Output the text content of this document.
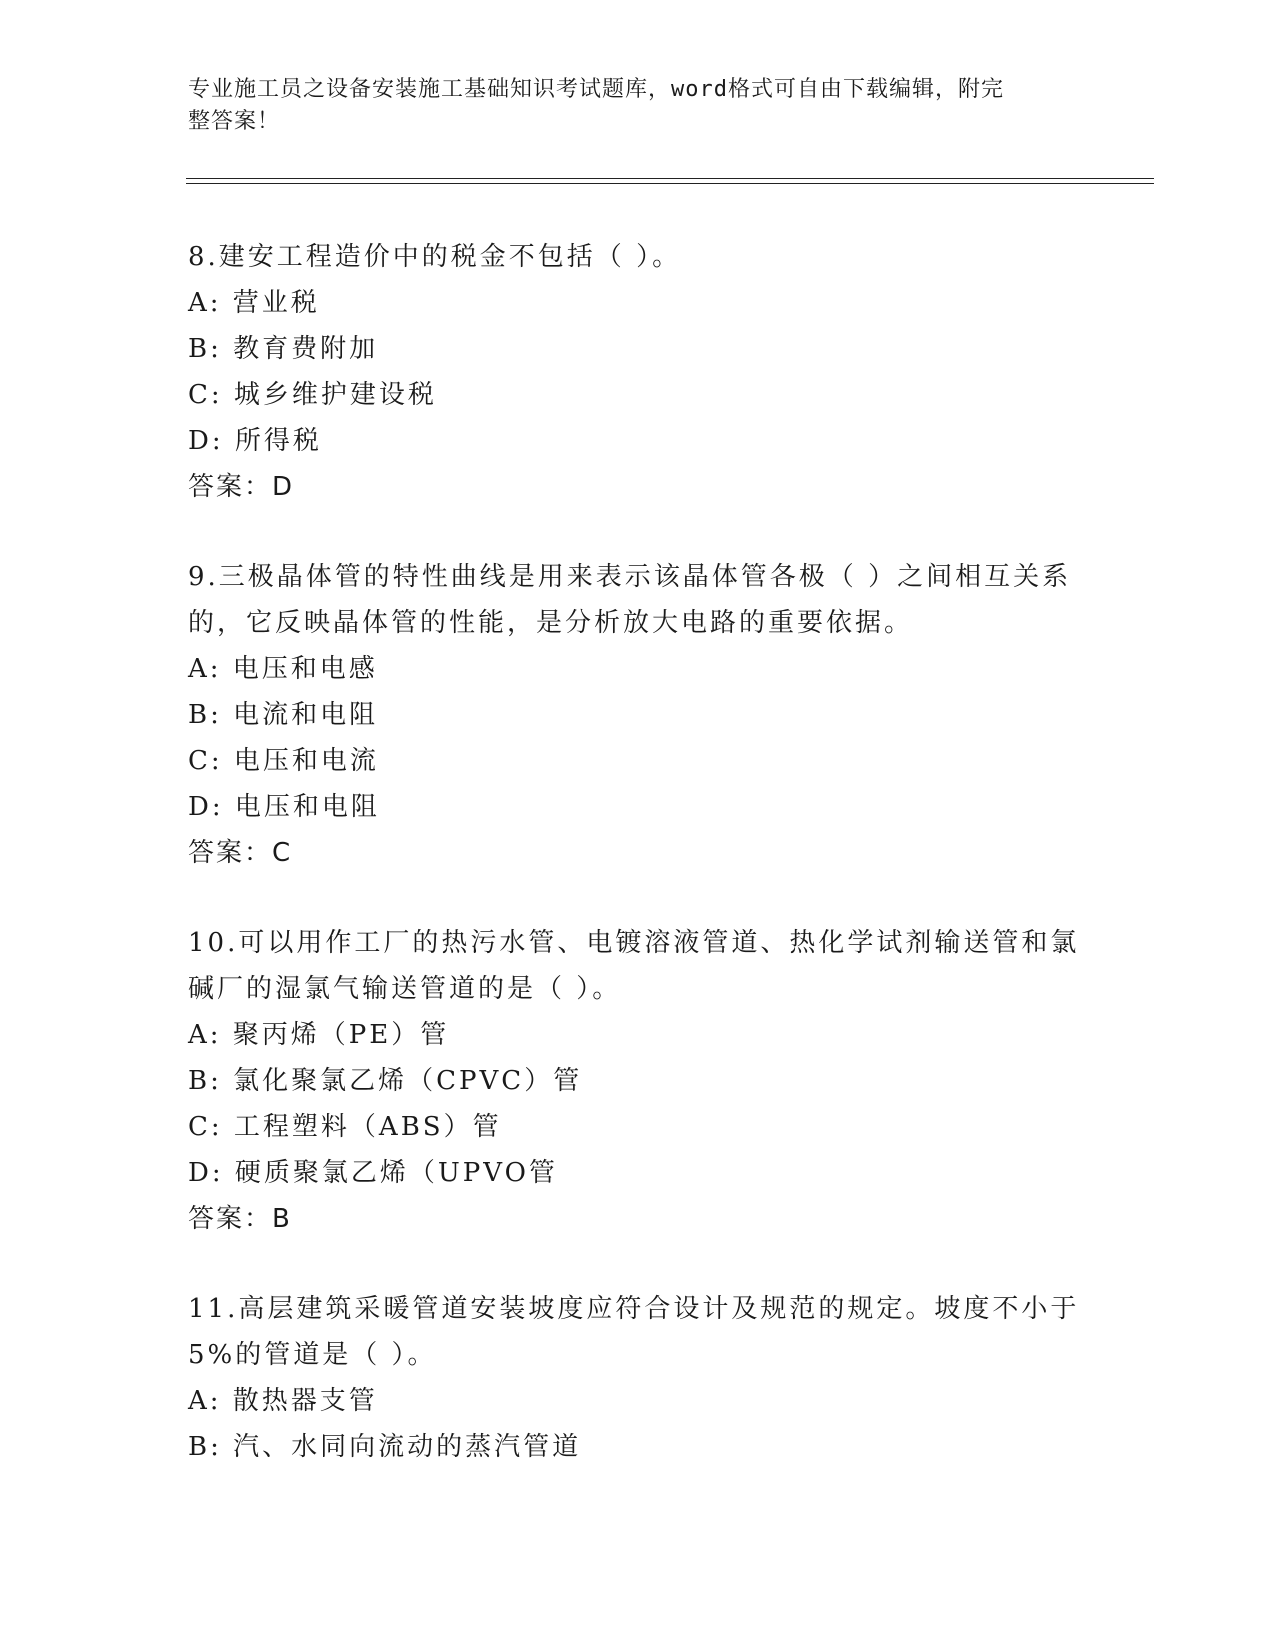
专业施工员之设备安装施工基础知识考试题库，word格式可自由下载编辑，附完
整答案！
8.建安工程造价中的税金不包括（ ）。
A: 营业税
B: 教育费附加
C: 城乡维护建设税
D: 所得税
答案：D
9.三极晶体管的特性曲线是用来表示该晶体管各极（ ）之间相互关系的，它反映晶体管的性能，是分析放大电路的重要依据。
A: 电压和电感
B: 电流和电阻
C: 电压和电流
D: 电压和电阻
答案：C
10.可以用作工厂的热污水管、电镀溶液管道、热化学试剂输送管和氯碱厂的湿氯气输送管道的是（ ）。
A: 聚丙烯（PE）管
B: 氯化聚氯乙烯（CPVC）管
C: 工程塑料（ABS）管
D: 硬质聚氯乙烯（UPVO管
答案：B
11.高层建筑采暖管道安装坡度应符合设计及规范的规定。坡度不小于5%的管道是（ ）。
A: 散热器支管
B: 汽、水同向流动的蒸汽管道
